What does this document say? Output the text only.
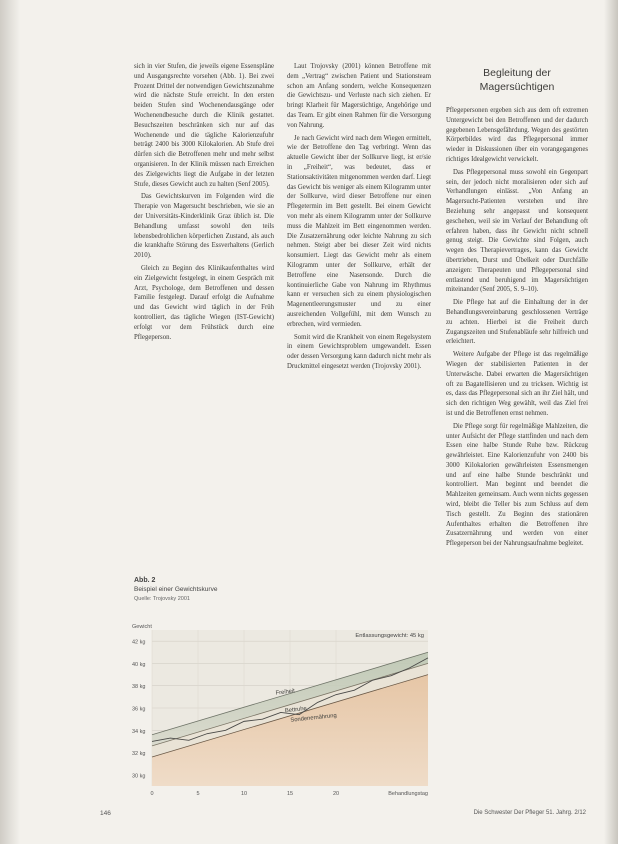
sich in vier Stufen, die jeweils eigene Essenspläne und Ausgangsrechte vorsehen (Abb. 1). Bei zwei Prozent Drittel der notwendigen Gewichtszunahme wird die nächste Stufe erreicht. In den ersten beiden Stufen sind Wochenendausgänge oder Wochenendbesuche durch die Klinik gestattet. Besuchszeiten beschränken sich nur auf das Wochenende und die tägliche Kalorienzufuhr beträgt 2400 bis 3000 Kilokalorien. Ab Stufe drei dürfen sich die Betroffenen mehr und mehr selbst organisieren. In der Klinik müssen nach Erreichen des Zielgewichts liegt die Aufgabe in der letzten Stufe, dieses Gewicht auch zu halten (Senf 2005).

Das Gewichtskurven im Folgenden wird die Therapie von Magersucht beschrieben, wie sie an der Universitäts-Kinderklinik Graz üblich ist. Die Behandlung umfasst sowohl den teils lebensbedrohlichen körperlichen Zustand, als auch die krankhafte Störung des Essverhaltens (Gerlich 2010).

Gleich zu Beginn des Klinikaufenthaltes wird ein Zielgewicht festgelegt, in einem Gespräch mit Arzt, Psychologe, dem Betroffenen und dessen Familie festgelegt. Darauf erfolgt die Aufnahme und das Gewicht wird täglich in der Früh kontrolliert, das tägliche Wiegen (IST-Gewicht) erfolgt vor dem Frühstück durch eine Pflegeperson.

Laut Trojovsky (2001) können Betroffene mit dem „Vertrag“ zwischen Patient und Stationsteam schon am Anfang sondern, welche Konsequenzen die Gewichtszu- und Verluste nach sich ziehen. Er bringt Klarheit für Magersüchtige, Angehörige und das Team. Er gibt einen Rahmen für die Versorgung von Nahrung.

Je nach Gewicht wird nach dem Wiegen ermittelt, wie der Betroffene den Tag verbringt. Wenn das aktuelle Gewicht über der Sollkurve liegt, ist er/sie in „Freiheit“, was bedeutet, dass er Stationsaktivitäten mitgenommen werden darf. Liegt das Gewicht bis weniger als einem Kilogramm unter der Sollkurve, wird dieser Betroffene nur einen Pflegetermin im Bett gestellt. Bei einem Gewicht von mehr als einem Kilogramm unter der Sollkurve muss die Mahlzeit im Bett eingenommen werden. Die Zusatzernährung oder leichte Nahrung zu sich nehmen. Steigt aber bei dieser Zeit wird nichts konsumiert. Liegt das Gewicht mehr als einem Kilogramm unter der Sollkurve, erhält der Betroffene eine Nasensonde. Durch die kontinuierliche Gabe von Nahrung im Rhythmus kann er versuchen sich zu einem physiologischen Magenentleerungsmuster und zu einer ausreichenden Vollgefühl, mit dem Wunsch zu erbrechen, wird vermieden.

Somit wird die Krankheit von einem Regelsystem in einem Gewichtsproblem umgewandelt. Essen oder dessen Versorgung kann dadurch nicht mehr als Druckmittel eingesetzt werden (Trojovsky 2001).

Begleitung der Magersüchtigen

Pflegepersonen ergeben sich aus dem oft extremen Untergewicht bei den Betroffenen und der dadurch gegebenen Lebensgefährdung. Wegen des gestörten Körperbildes wird das Pflegepersonal immer wieder in Diskussionen über ein vorangegangenes richtiges Idealgewicht verwickelt.

Das Pflegepersonal muss sowohl ein Gegenpart sein, der jedoch nicht moralisieren oder sich auf Verhandlungen einlässt. „Von Anfang an Magersucht-Patienten verstehen und ihre Beziehung sehr angepasst und konsequent geschehen, weil sie im Verlauf der Behandlung oft erfahren haben, dass ihr Gewicht nicht schnell genug steigt. Die Gewichte sind Folgen, auch wegen des Therapievertrages, kann das Gewicht übertrieben, Durst und Übelkeit oder Durchfälle anzeigen: Therapeuten und Pflegepersonal sind entlastend und beruhigend im Magersüchtigen miteinander (Senf 2005, S. 9–10).

Die Pflege hat auf die Einhaltung der in der Behandlungsvereinbarung geschlossenen Verträge zu achten. Hierbei ist die Freiheit durch Zugangszeiten und Stufenabläufe sehr hilfreich und erleichtert.

Weitere Aufgabe der Pflege ist das regelmäßige Wiegen der stabilisierten Patienten in der Unterwäsche. Dabei erwarten die Magersüchtigen oft zu Bagatellisieren und zu tricksen. Wichtig ist es, dass das Pflegepersonal sich an ihr Ziel hält, und sich den richtigen Weg gewählt, weil das Ziel frei ist und die Betroffenen ernst nehmen.

Die Pflege sorgt für regelmäßige Mahlzeiten, die unter Aufsicht der Pflege stattfinden und nach dem Essen eine halbe Stunde Ruhe bzw. Rückzug gewährleistet. Eine Kalorienzufuhr von 2400 bis 3000 Kilokalorien gewährleisten Essensmengen und auf eine halbe Stunde beschränkt und kontrolliert. Man beginnt und beendet die Mahlzeiten gemeinsam. Auch wenn nichts gegessen wird, bleibt die Teller bis zum Schluss auf dem Tisch gestellt. Zu Beginn des stationären Aufenthaltes erhalten die Betroffenen ihre Zusatzernährung und werden von einer Pflegeperson bei der Nahrungsaufnahme begleitet.

Abb. 2
Beispiel einer Gewichtskurve
Quelle: Trojovsky 2001
30 kg
32 kg
34 kg
36 kg
38 kg
40 kg
42 kg
0	5	10	15	20
Freiheit
Bettruhe
Sondenernährung
Gewicht
Behandlungstag
Entlassungsgewicht: 45 kg
146	Die Schwester Der Pfleger 51. Jahrg. 2/12
